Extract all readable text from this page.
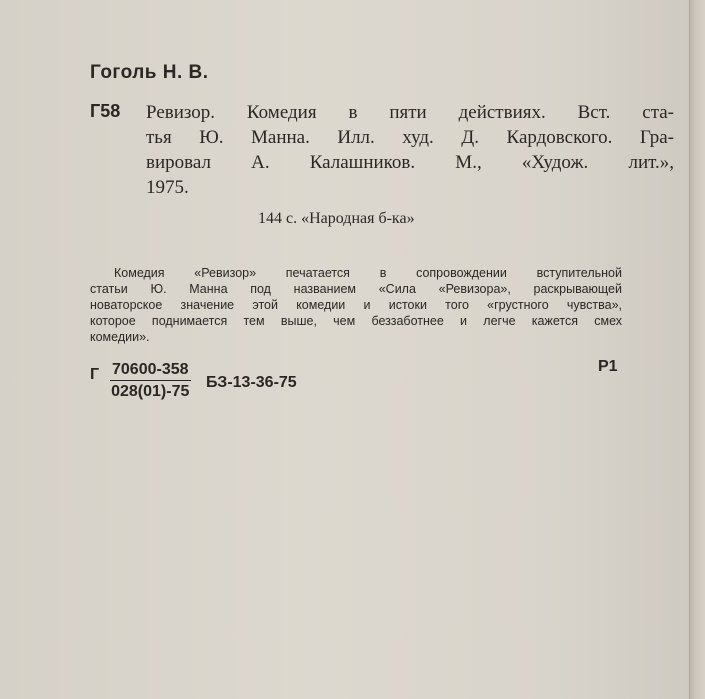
Гоголь Н. В.
Г58 Ревизор. Комедия в пяти действиях. Вст. ста-
тья Ю. Манна. Илл. худ. Д. Кардовского. Гра-
вировал А. Калашников. М., «Худож. лит.»,
1975.
144 с. «Народная б-ка»
Комедия «Ревизор» печатается в сопровождении вступительной
статьи Ю. Манна под названием «Сила «Ревизора», раскрывающей
новаторское значение этой комедии и истоки того «грустного чувства»,
которое поднимается тем выше, чем беззаботнее и легче кажется смех
комедии».
Г $\frac{70600-358}{028(01)-75} БЗ-13-36-75$
Р1
